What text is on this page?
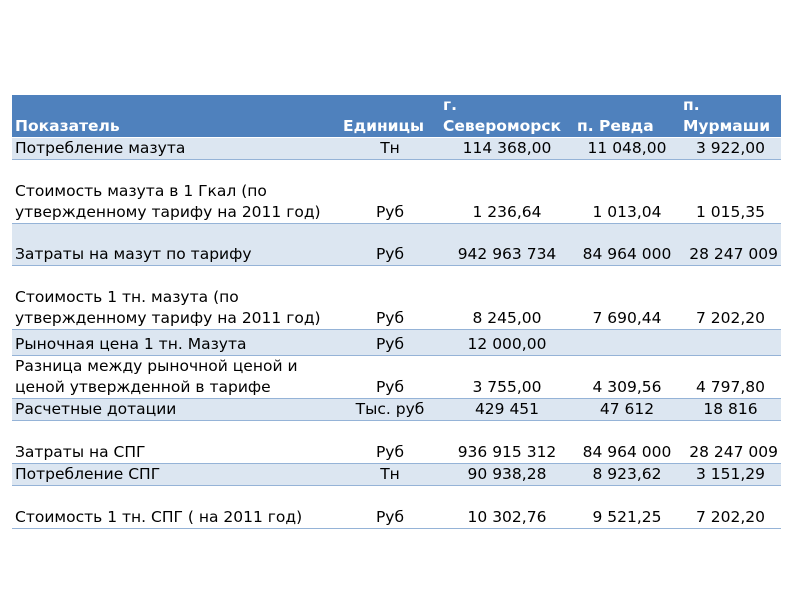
Показатель	Единицы	г. Североморск	п. Ревда	п. Мурмаши
Потребление мазута	Тн	114 368,00	11 048,00	3 922,00
Стоимость мазута в 1 Гкал (по утвержденному тарифу на 2011 год)	Руб	1 236,64	1 013,04	1 015,35
Затраты на мазут по тарифу	Руб	942 963 734	84 964 000	28 247 009
Стоимость 1 тн. мазута (по утвержденному тарифу на 2011 год)	Руб	8 245,00	7 690,44	7 202,20
Рыночная цена 1 тн. Мазута	Руб	12 000,00		
Разница между рыночной ценой и ценой утвержденной в тарифе	Руб	3 755,00	4 309,56	4 797,80
Расчетные дотации	Тыс. руб	429 451	47 612	18 816
Затраты на СПГ	Руб	936 915 312	84 964 000	28 247 009
Потребление СПГ	Тн	90 938,28	8 923,62	3 151,29
Стоимость 1 тн. СПГ ( на 2011 год)	Руб	10 302,76	9 521,25	7 202,20
